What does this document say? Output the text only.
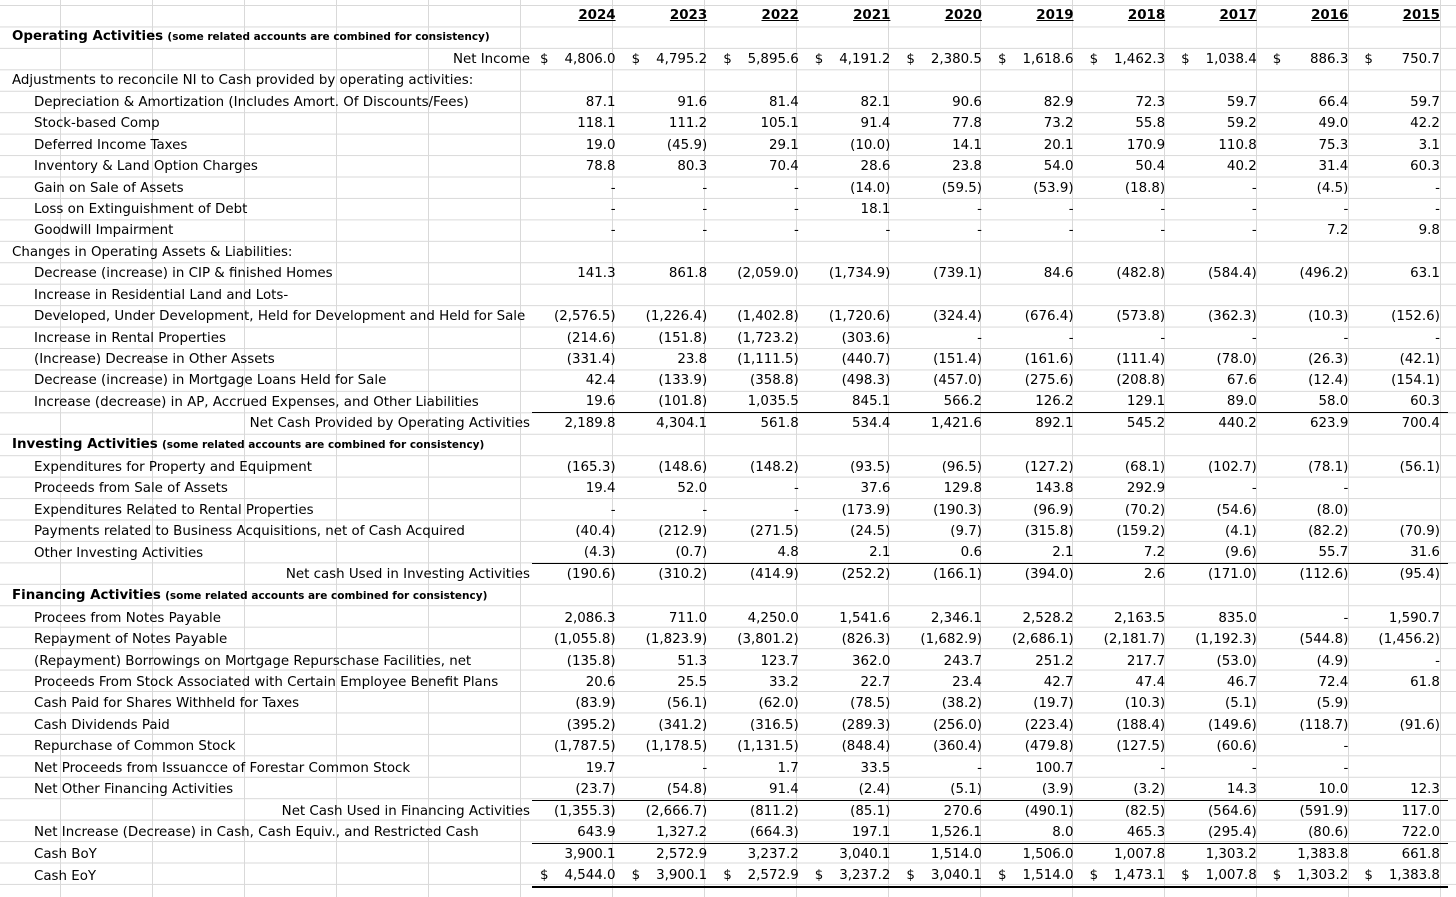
	2024	2023	2022	2021	2020	2019	2018	2017	2016	2015
Operating Activities (some related accounts are combined for consistency)										
Net Income	$ 4,806.0	$ 4,795.2	$ 5,895.6	$ 4,191.2	$ 2,380.5	$ 1,618.6	$ 1,462.3	$ 1,038.4	$ 886.3	$ 750.7
Adjustments to reconcile NI to Cash provided by operating activities:										
Depreciation & Amortization (Includes Amort. Of Discounts/Fees)	87.1	91.6	81.4	82.1	90.6	82.9	72.3	59.7	66.4	59.7
Stock-based Comp	118.1	111.2	105.1	91.4	77.8	73.2	55.8	59.2	49.0	42.2
Deferred Income Taxes	19.0	(45.9)	29.1	(10.0)	14.1	20.1	170.9	110.8	75.3	3.1
Inventory & Land Option Charges	78.8	80.3	70.4	28.6	23.8	54.0	50.4	40.2	31.4	60.3
Gain on Sale of Assets	-	-	-	(14.0)	(59.5)	(53.9)	(18.8)	-	(4.5)	-
Loss on Extinguishment of Debt	-	-	-	18.1	-	-	-	-	-	-
Goodwill Impairment	-	-	-	-	-	-	-	-	7.2	9.8
Changes in Operating Assets & Liabilities:										
Decrease (increase) in CIP & finished Homes	141.3	861.8	(2,059.0)	(1,734.9)	(739.1)	84.6	(482.8)	(584.4)	(496.2)	63.1
Increase in Residential Land and Lots-										
Developed, Under Development, Held for Development and Held for Sale	(2,576.5)	(1,226.4)	(1,402.8)	(1,720.6)	(324.4)	(676.4)	(573.8)	(362.3)	(10.3)	(152.6)
Increase in Rental Properties	(214.6)	(151.8)	(1,723.2)	(303.6)	-	-	-	-	-	-
(Increase) Decrease in Other Assets	(331.4)	23.8	(1,111.5)	(440.7)	(151.4)	(161.6)	(111.4)	(78.0)	(26.3)	(42.1)
Decrease (increase) in Mortgage Loans Held for Sale	42.4	(133.9)	(358.8)	(498.3)	(457.0)	(275.6)	(208.8)	67.6	(12.4)	(154.1)
Increase (decrease) in AP, Accrued Expenses, and Other Liabilities	19.6	(101.8)	1,035.5	845.1	566.2	126.2	129.1	89.0	58.0	60.3
Net Cash Provided by Operating Activities	2,189.8	4,304.1	561.8	534.4	1,421.6	892.1	545.2	440.2	623.9	700.4
Investing Activities (some related accounts are combined for consistency)										
Expenditures for Property and Equipment	(165.3)	(148.6)	(148.2)	(93.5)	(96.5)	(127.2)	(68.1)	(102.7)	(78.1)	(56.1)
Proceeds from Sale of Assets	19.4	52.0	-	37.6	129.8	143.8	292.9	-	-	
Expenditures Related to Rental Properties	-	-	-	(173.9)	(190.3)	(96.9)	(70.2)	(54.6)	(8.0)	
Payments related to Business Acquisitions, net of Cash Acquired	(40.4)	(212.9)	(271.5)	(24.5)	(9.7)	(315.8)	(159.2)	(4.1)	(82.2)	(70.9)
Other Investing Activities	(4.3)	(0.7)	4.8	2.1	0.6	2.1	7.2	(9.6)	55.7	31.6
Net cash Used in Investing Activities	(190.6)	(310.2)	(414.9)	(252.2)	(166.1)	(394.0)	2.6	(171.0)	(112.6)	(95.4)
Financing Activities (some related accounts are combined for consistency)										
Procees from Notes Payable	2,086.3	711.0	4,250.0	1,541.6	2,346.1	2,528.2	2,163.5	835.0	-	1,590.7
Repayment of Notes Payable	(1,055.8)	(1,823.9)	(3,801.2)	(826.3)	(1,682.9)	(2,686.1)	(2,181.7)	(1,192.3)	(544.8)	(1,456.2)
(Repayment) Borrowings on Mortgage Repurschase Facilities, net	(135.8)	51.3	123.7	362.0	243.7	251.2	217.7	(53.0)	(4.9)	-
Proceeds From Stock Associated with Certain Employee Benefit Plans	20.6	25.5	33.2	22.7	23.4	42.7	47.4	46.7	72.4	61.8
Cash Paid for Shares Withheld for Taxes	(83.9)	(56.1)	(62.0)	(78.5)	(38.2)	(19.7)	(10.3)	(5.1)	(5.9)	
Cash Dividends Paid	(395.2)	(341.2)	(316.5)	(289.3)	(256.0)	(223.4)	(188.4)	(149.6)	(118.7)	(91.6)
Repurchase of Common Stock	(1,787.5)	(1,178.5)	(1,131.5)	(848.4)	(360.4)	(479.8)	(127.5)	(60.6)	-	
Net Proceeds from Issuancce of Forestar Common Stock	19.7	-	1.7	33.5	-	100.7	-	-	-	
Net Other Financing Activities	(23.7)	(54.8)	91.4	(2.4)	(5.1)	(3.9)	(3.2)	14.3	10.0	12.3
Net Cash Used in Financing Activities	(1,355.3)	(2,666.7)	(811.2)	(85.1)	270.6	(490.1)	(82.5)	(564.6)	(591.9)	117.0
Net Increase (Decrease) in Cash, Cash Equiv., and Restricted Cash	643.9	1,327.2	(664.3)	197.1	1,526.1	8.0	465.3	(295.4)	(80.6)	722.0
Cash BoY	3,900.1	2,572.9	3,237.2	3,040.1	1,514.0	1,506.0	1,007.8	1,303.2	1,383.8	661.8
Cash EoY	$ 4,544.0	$ 3,900.1	$ 2,572.9	$ 3,237.2	$ 3,040.1	$ 1,514.0	$ 1,473.1	$ 1,007.8	$ 1,303.2	$ 1,383.8
